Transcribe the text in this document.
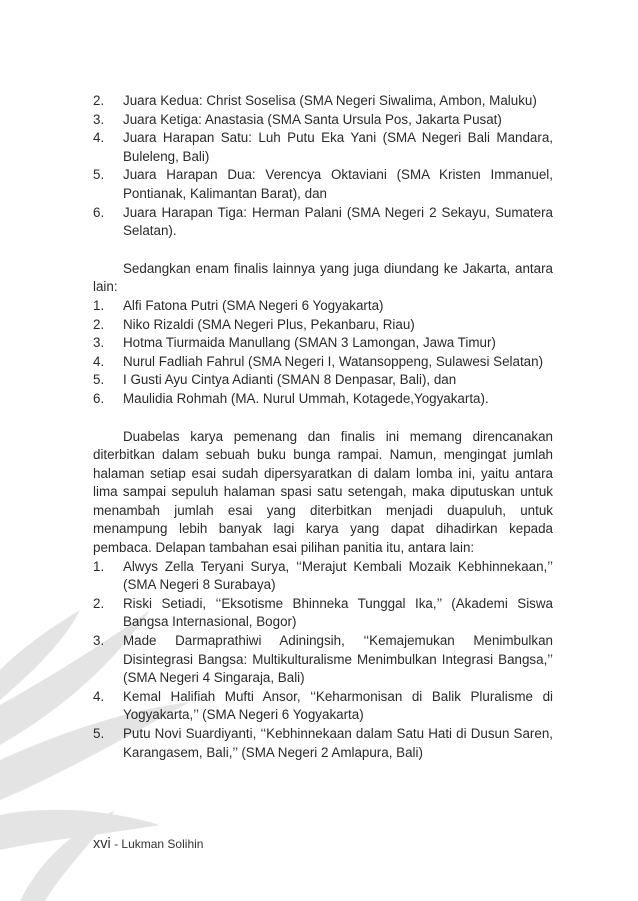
2. Juara Kedua: Christ Soselisa (SMA Negeri Siwalima, Ambon, Maluku)
3. Juara Ketiga: Anastasia (SMA Santa Ursula Pos, Jakarta Pusat)
4. Juara Harapan Satu: Luh Putu Eka Yani (SMA Negeri Bali Mandara, Buleleng, Bali)
5. Juara Harapan Dua: Verencya Oktaviani (SMA Kristen Immanuel, Pontianak, Kalimantan Barat), dan
6. Juara Harapan Tiga: Herman Palani (SMA Negeri 2 Sekayu, Sumatera Selatan).

Sedangkan enam finalis lainnya yang juga diundang ke Jakarta, antara lain:

1. Alfi Fatona Putri (SMA Negeri 6 Yogyakarta)
2. Niko Rizaldi (SMA Negeri Plus, Pekanbaru, Riau)
3. Hotma Tiurmaida Manullang (SMAN 3 Lamongan, Jawa Timur)
4. Nurul Fadliah Fahrul (SMA Negeri I, Watansoppeng, Sulawesi Selatan)
5. I Gusti Ayu Cintya Adianti (SMAN 8 Denpasar, Bali), dan
6. Maulidia Rohmah (MA. Nurul Ummah, Kotagede,Yogyakarta).

Duabelas karya pemenang dan finalis ini memang direncanakan diterbitkan dalam sebuah buku bunga rampai. Namun, mengingat jumlah halaman setiap esai sudah dipersyaratkan di dalam lomba ini, yaitu antara lima sampai sepuluh halaman spasi satu setengah, maka diputuskan untuk menambah jumlah esai yang diterbitkan menjadi duapuluh, untuk menampung lebih banyak lagi karya yang dapat dihadirkan kepada pembaca. Delapan tambahan esai pilihan panitia itu, antara lain:

1. Alwys Zella Teryani Surya, ‘‘Merajut Kembali Mozaik Kebhinnekaan,’’ (SMA Negeri 8 Surabaya)
2. Riski Setiadi, ‘‘Eksotisme Bhinneka Tunggal Ika,’’ (Akademi Siswa Bangsa Internasional, Bogor)
3. Made Darmaprathiwi Adiningsih, ‘‘Kemajemukan Menimbulkan Disintegrasi Bangsa: Multikulturalisme Menimbulkan Integrasi Bangsa,’’ (SMA Negeri 4 Singaraja, Bali)
4. Kemal Halifiah Mufti Ansor, ‘‘Keharmonisan di Balik Pluralisme di Yogyakarta,’’ (SMA Negeri 6 Yogyakarta)
5. Putu Novi Suardiyanti, ‘‘Kebhinnekaan dalam Satu Hati di Dusun Saren, Karangasem, Bali,’’ (SMA Negeri 2 Amlapura, Bali)
xvi - Lukman Solihin
